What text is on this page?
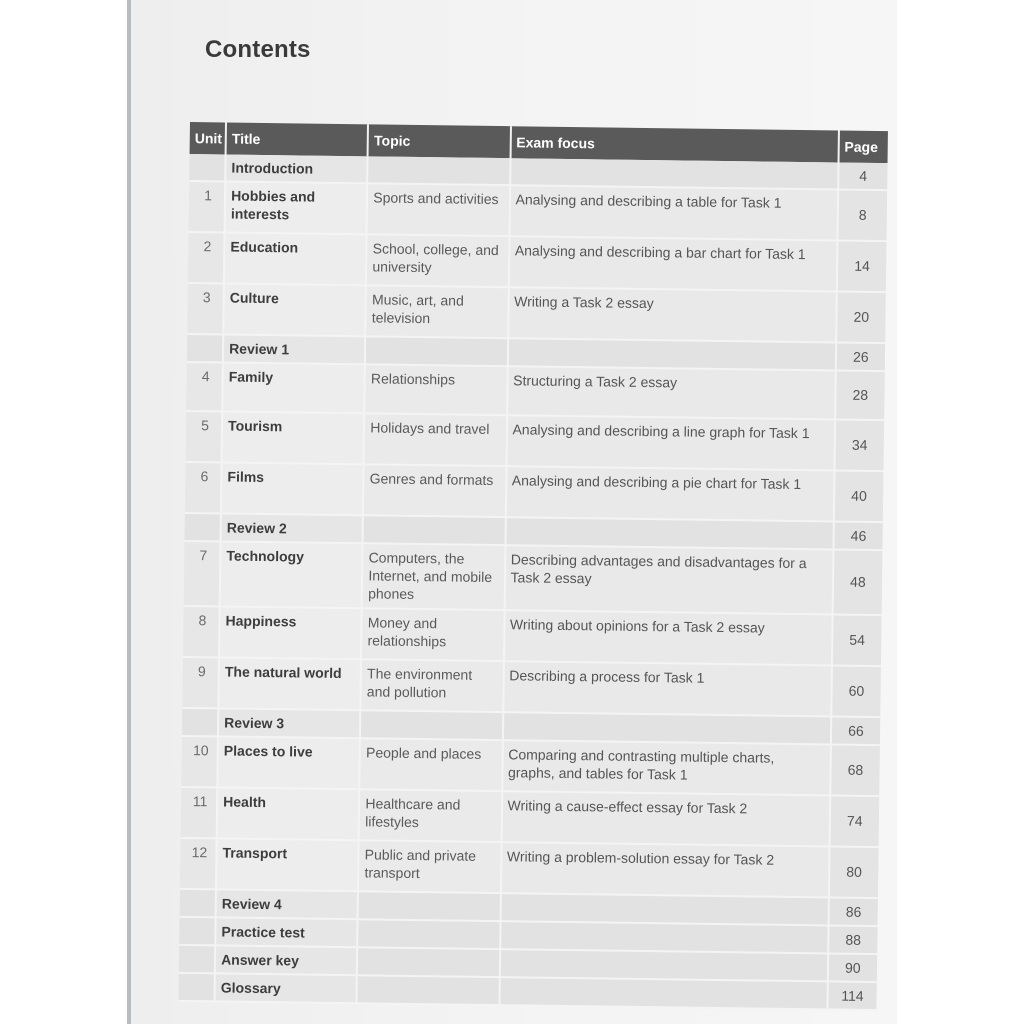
Contents
Unit	Title	Topic	Exam focus	Page
	Introduction			4
1	Hobbies and interests	Sports and activities	Analysing and describing a table for Task 1	8
2	Education	School, college, and university	Analysing and describing a bar chart for Task 1	14
3	Culture	Music, art, and television	Writing a Task 2 essay	20
	Review 1			26
4	Family	Relationships	Structuring a Task 2 essay	28
5	Tourism	Holidays and travel	Analysing and describing a line graph for Task 1	34
6	Films	Genres and formats	Analysing and describing a pie chart for Task 1	40
	Review 2			46
7	Technology	Computers, the Internet, and mobile phones	Describing advantages and disadvantages for a Task 2 essay	48
8	Happiness	Money and relationships	Writing about opinions for a Task 2 essay	54
9	The natural world	The environment and pollution	Describing a process for Task 1	60
	Review 3			66
10	Places to live	People and places	Comparing and contrasting multiple charts, graphs, and tables for Task 1	68
11	Health	Healthcare and lifestyles	Writing a cause-effect essay for Task 2	74
12	Transport	Public and private transport	Writing a problem-solution essay for Task 2	80
	Review 4			86
	Practice test			88
	Answer key			90
	Glossary			114
